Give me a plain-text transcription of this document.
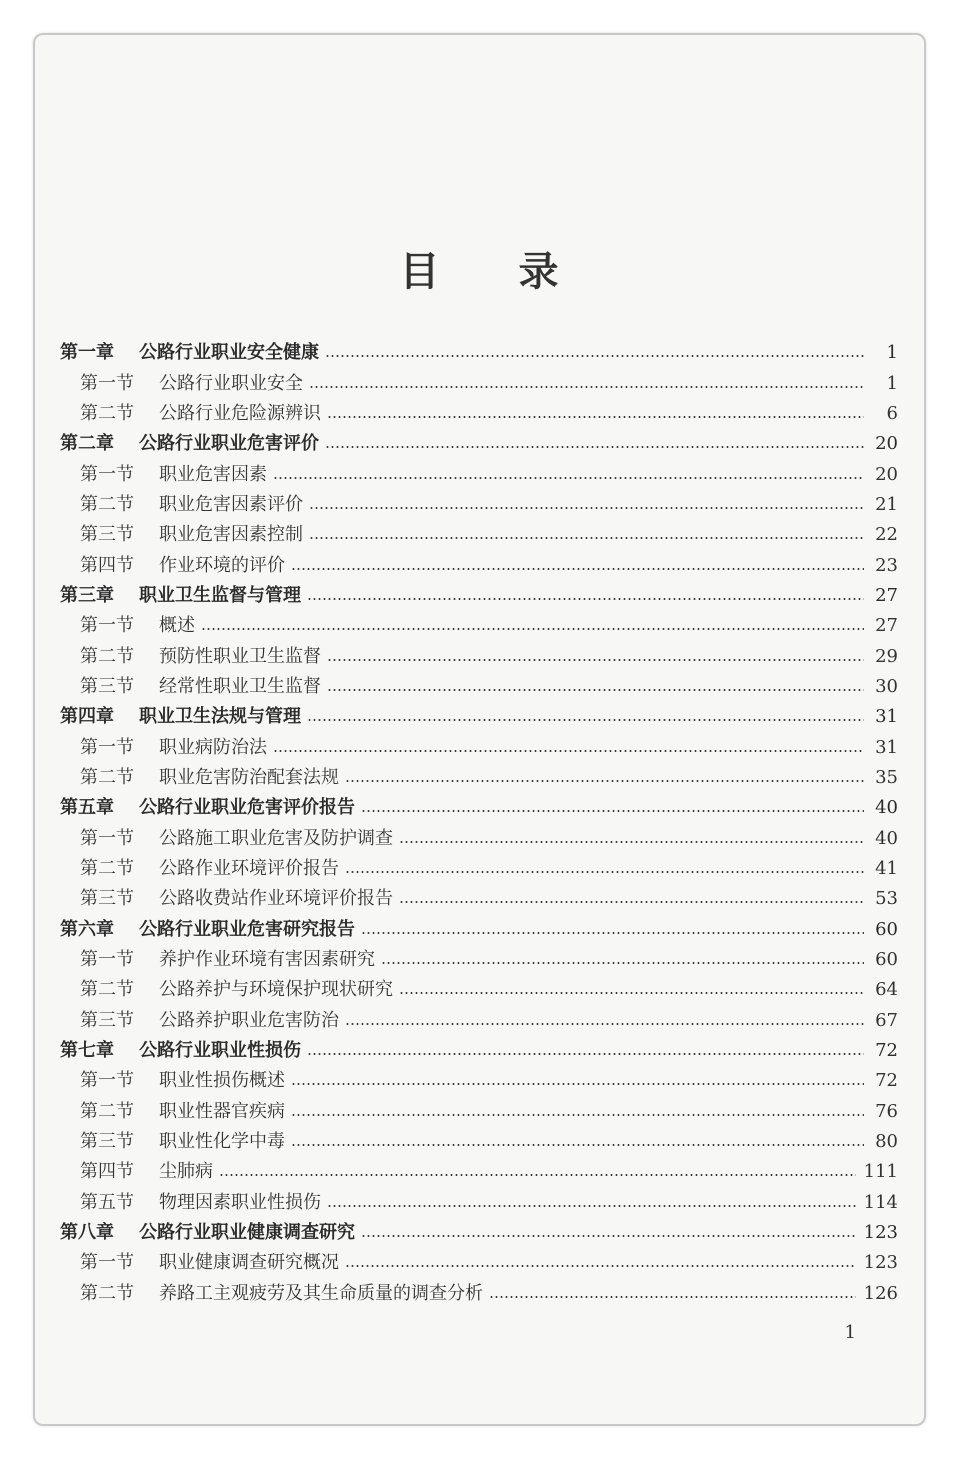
目 录
第一章	公路行业职业安全健康	1
第一节	公路行业职业安全	1
第二节	公路行业危险源辨识	6
第二章	公路行业职业危害评价	20
第一节	职业危害因素	20
第二节	职业危害因素评价	21
第三节	职业危害因素控制	22
第四节	作业环境的评价	23
第三章	职业卫生监督与管理	27
第一节	概述	27
第二节	预防性职业卫生监督	29
第三节	经常性职业卫生监督	30
第四章	职业卫生法规与管理	31
第一节	职业病防治法	31
第二节	职业危害防治配套法规	35
第五章	公路行业职业危害评价报告	40
第一节	公路施工职业危害及防护调查	40
第二节	公路作业环境评价报告	41
第三节	公路收费站作业环境评价报告	53
第六章	公路行业职业危害研究报告	60
第一节	养护作业环境有害因素研究	60
第二节	公路养护与环境保护现状研究	64
第三节	公路养护职业危害防治	67
第七章	公路行业职业性损伤	72
第一节	职业性损伤概述	72
第二节	职业性器官疾病	76
第三节	职业性化学中毒	80
第四节	尘肺病	111
第五节	物理因素职业性损伤	114
第八章	公路行业职业健康调查研究	123
第一节	职业健康调查研究概况	123
第二节	养路工主观疲劳及其生命质量的调查分析	126
1
